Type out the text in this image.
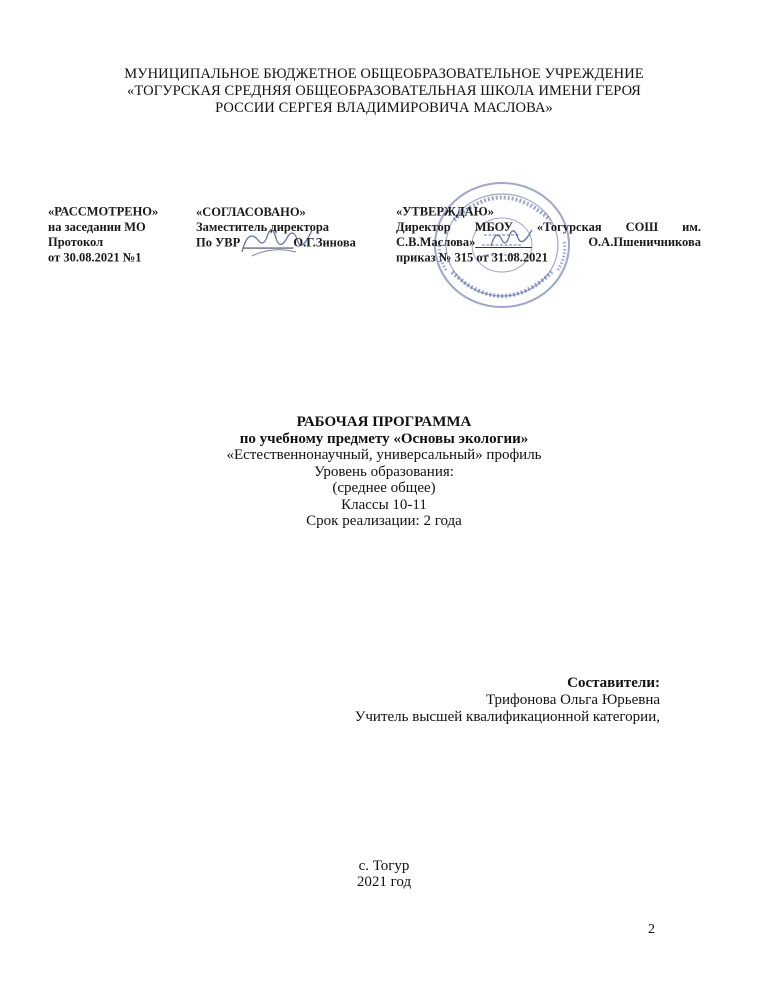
МУНИЦИПАЛЬНОЕ БЮДЖЕТНОЕ ОБЩЕОБРАЗОВАТЕЛЬНОЕ УЧРЕЖДЕНИЕ
«ТОГУРСКАЯ СРЕДНЯЯ ОБЩЕОБРАЗОВАТЕЛЬНАЯ ШКОЛА ИМЕНИ ГЕРОЯ
РОССИИ СЕРГЕЯ ВЛАДИМИРОВИЧА МАСЛОВА»
«РАССМОТРЕНО»
на заседании МО
Протокол
от 30.08.2021 №1
«СОГЛАСОВАНО»
Заместитель директора
По УВР ________О.Г.Зинова
«УТВЕРЖДАЮ»
Директор МБОУ «Тогурская СОШ им.
С.В.Маслова»_________ О.А.Пшеничникова
приказ № 315 от 31.08.2021
РАБОЧАЯ ПРОГРАММА
по учебному предмету «Основы экологии»
«Естественнонаучный, универсальный» профиль
Уровень образования:
(среднее общее)
Классы 10-11
Срок реализации: 2 года
Составители:
Трифонова Ольга Юрьевна
Учитель высшей квалификационной категории,
с. Тогур
2021 год
2
